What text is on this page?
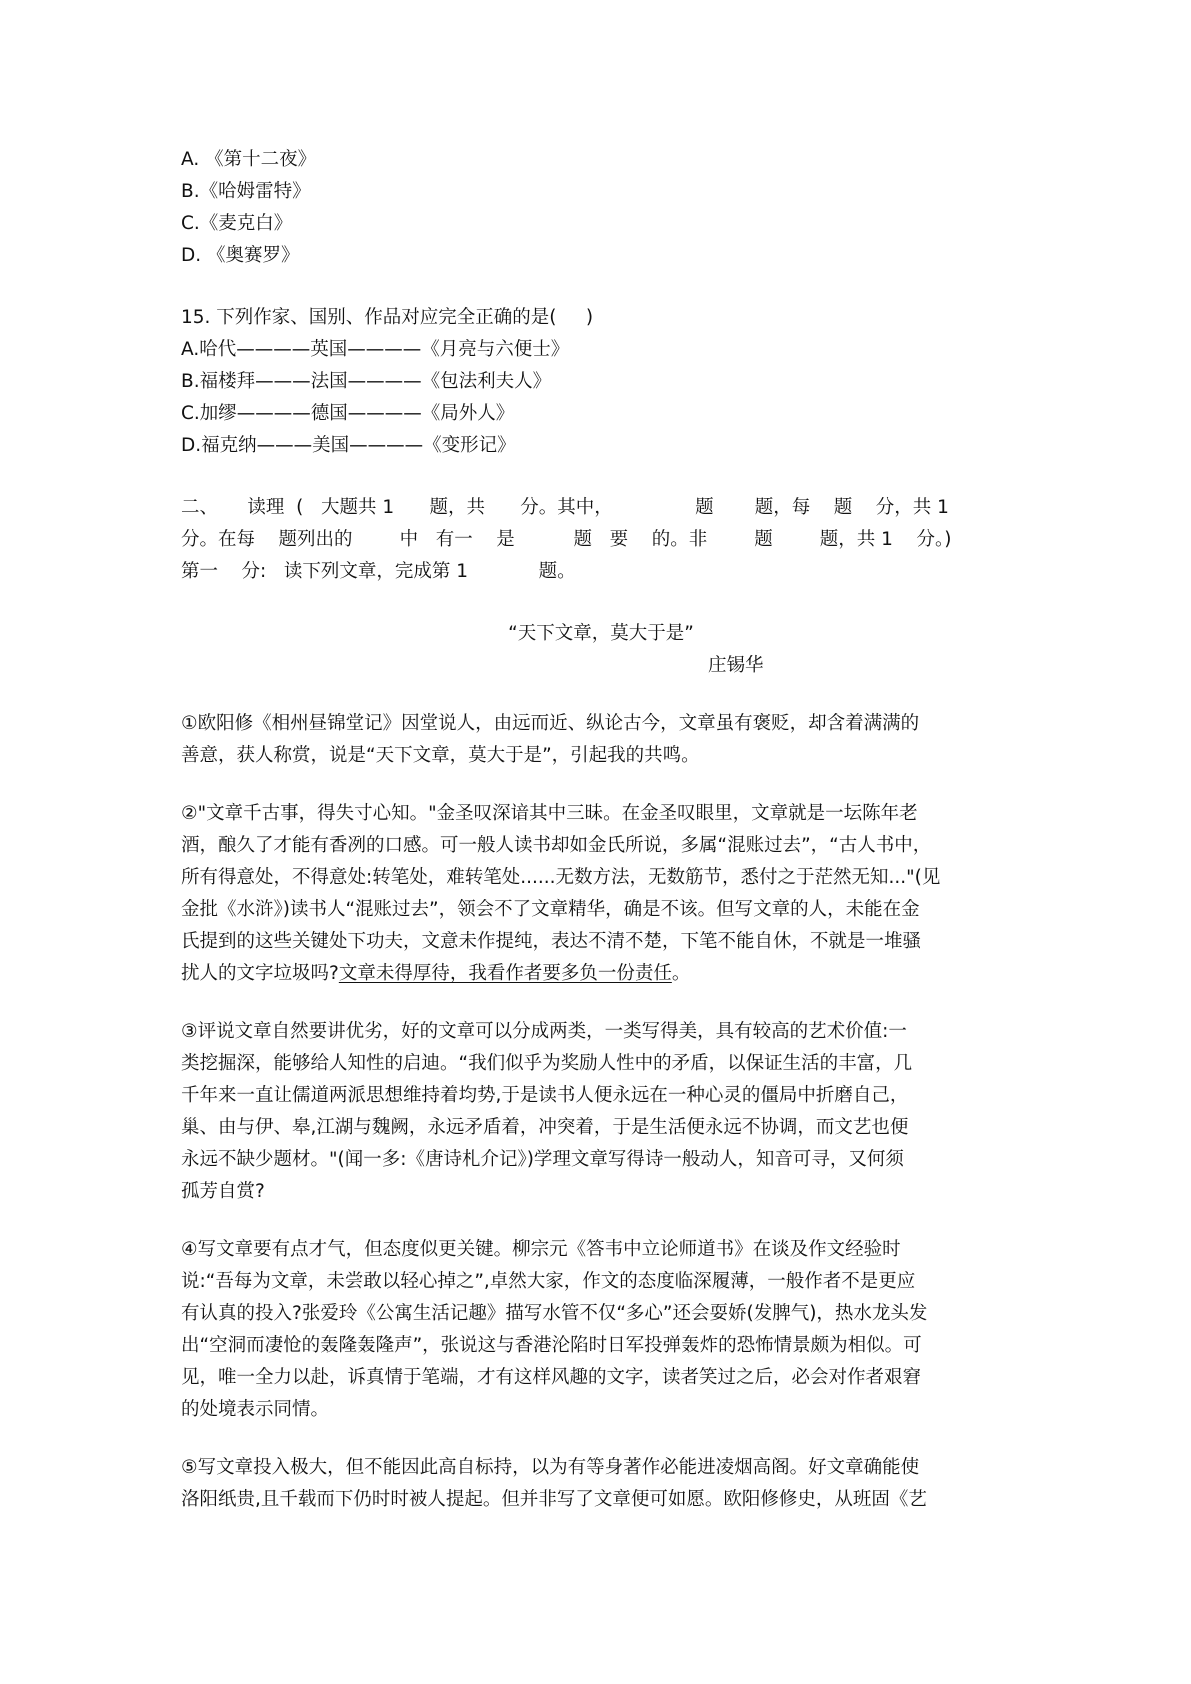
A. 《第十二夜》
B.《哈姆雷特》
C.《麦克白》
D. 《奥赛罗》
15. 下列作家、国别、作品对应完全正确的是(     )
A.哈代————英国————《月亮与六便士》
B.福楼拜———法国————《包法利夫人》
C.加缪————德国————《局外人》
D.福克纳———美国————《变形记》
二、     读理  (   大题共 1      题，共      分。其中，              题       题，每    题    分，共 1
分。在每    题列出的        中   有一    是          题   要    的。非        题        题，共 1    分。)
第一    分:   读下列文章，完成第 1            题。
“天下文章，莫大于是”
庄锡华
①欧阳修《相州昼锦堂记》因堂说人，由远而近、纵论古今，文章虽有褒贬，却含着满满的
善意，获人称赏，说是“天下文章，莫大于是”，引起我的共鸣。
②"文章千古事，得失寸心知。"金圣叹深谙其中三昧。在金圣叹眼里，文章就是一坛陈年老
酒，酿久了才能有香冽的口感。可一般人读书却如金氏所说，多属“混账过去”，“古人书中，
所有得意处，不得意处:转笔处，难转笔处......无数方法，无数筋节，悉付之于茫然无知..."(见
金批《水浒》)读书人“混账过去”，领会不了文章精华，确是不该。但写文章的人，未能在金
氏提到的这些关键处下功夫，文意未作提纯，表达不清不楚，下笔不能自休，不就是一堆骚
扰人的文字垃圾吗?文章未得厚待，我看作者要多负一份责任。
③评说文章自然要讲优劣，好的文章可以分成两类，一类写得美，具有较高的艺术价值:一
类挖掘深，能够给人知性的启迪。“我们似乎为奖励人性中的矛盾，以保证生活的丰富，几
千年来一直让儒道两派思想维持着均势,于是读书人便永远在一种心灵的僵局中折磨自己，
巢、由与伊、皋,江湖与魏阙，永远矛盾着，冲突着，于是生活便永远不协调，而文艺也便
永远不缺少题材。"(闻一多:《唐诗札介记》)学理文章写得诗一般动人，知音可寻，又何须
孤芳自赏?
④写文章要有点才气，但态度似更关键。柳宗元《答韦中立论师道书》在谈及作文经验时
说:“吾每为文章，未尝敢以轻心掉之”,卓然大家，作文的态度临深履薄，一般作者不是更应
有认真的投入?张爱玲《公寓生活记趣》描写水管不仅“多心”还会耍娇(发脾气)，热水龙头发
出“空洞而凄怆的轰隆轰隆声”，张说这与香港沦陷时日军投弹轰炸的恐怖情景颇为相似。可
见，唯一全力以赴，诉真情于笔端，才有这样风趣的文字，读者笑过之后，必会对作者艰窘
的处境表示同情。
⑤写文章投入极大，但不能因此高自标持，以为有等身著作必能进凌烟高阁。好文章确能使
洛阳纸贵,且千载而下仍时时被人提起。但并非写了文章便可如愿。欧阳修修史，从班固《艺
